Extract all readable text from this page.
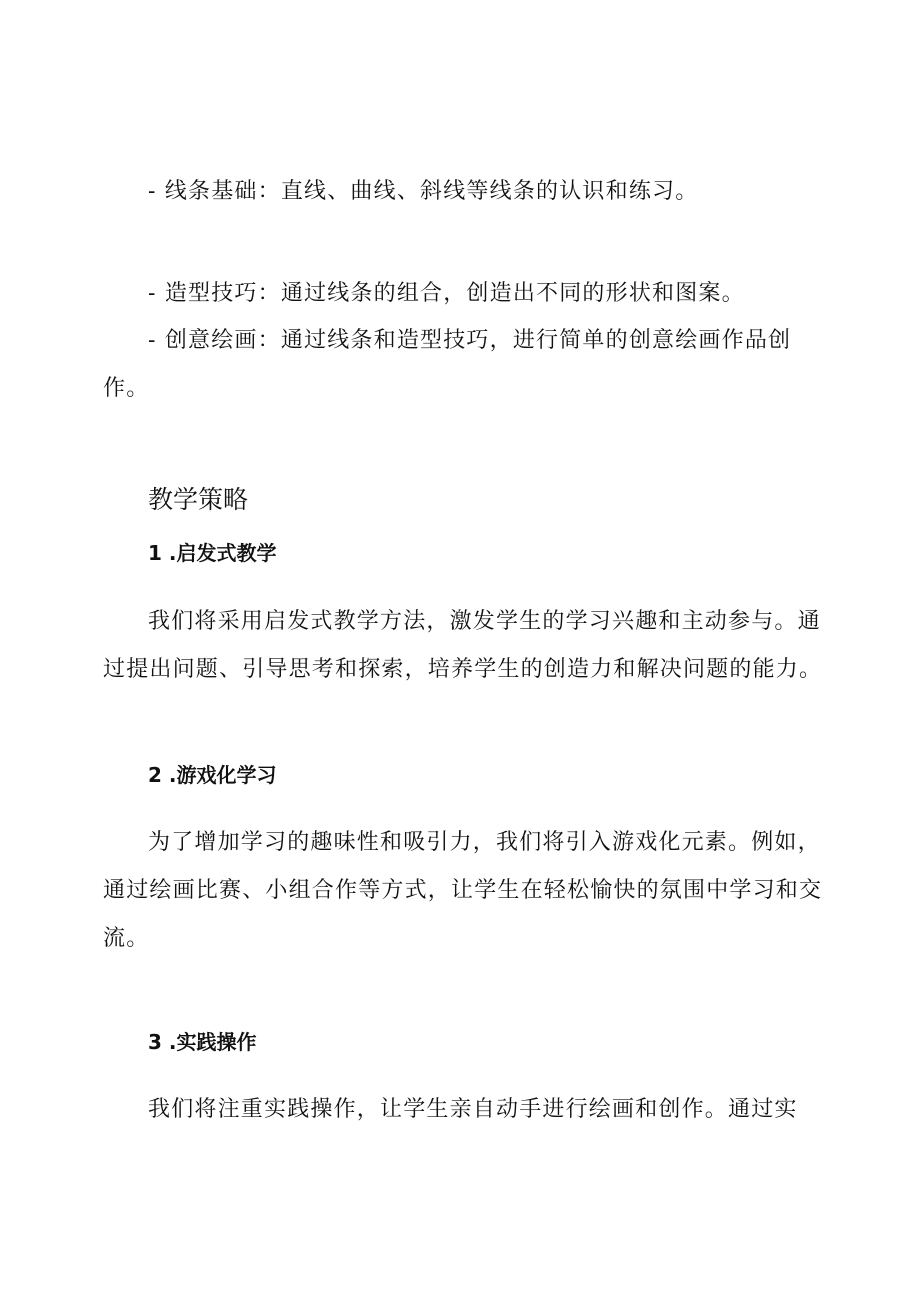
- 线条基础：直线、曲线、斜线等线条的认识和练习。
- 造型技巧：通过线条的组合，创造出不同的形状和图案。
- 创意绘画：通过线条和造型技巧，进行简单的创意绘画作品创
作。
教学策略
1 .启发式教学
我们将采用启发式教学方法，激发学生的学习兴趣和主动参与。通
过提出问题、引导思考和探索，培养学生的创造力和解决问题的能力。
2 .游戏化学习
为了增加学习的趣味性和吸引力，我们将引入游戏化元素。例如，
通过绘画比赛、小组合作等方式，让学生在轻松愉快的氛围中学习和交
流。
3 .实践操作
我们将注重实践操作，让学生亲自动手进行绘画和创作。通过实
